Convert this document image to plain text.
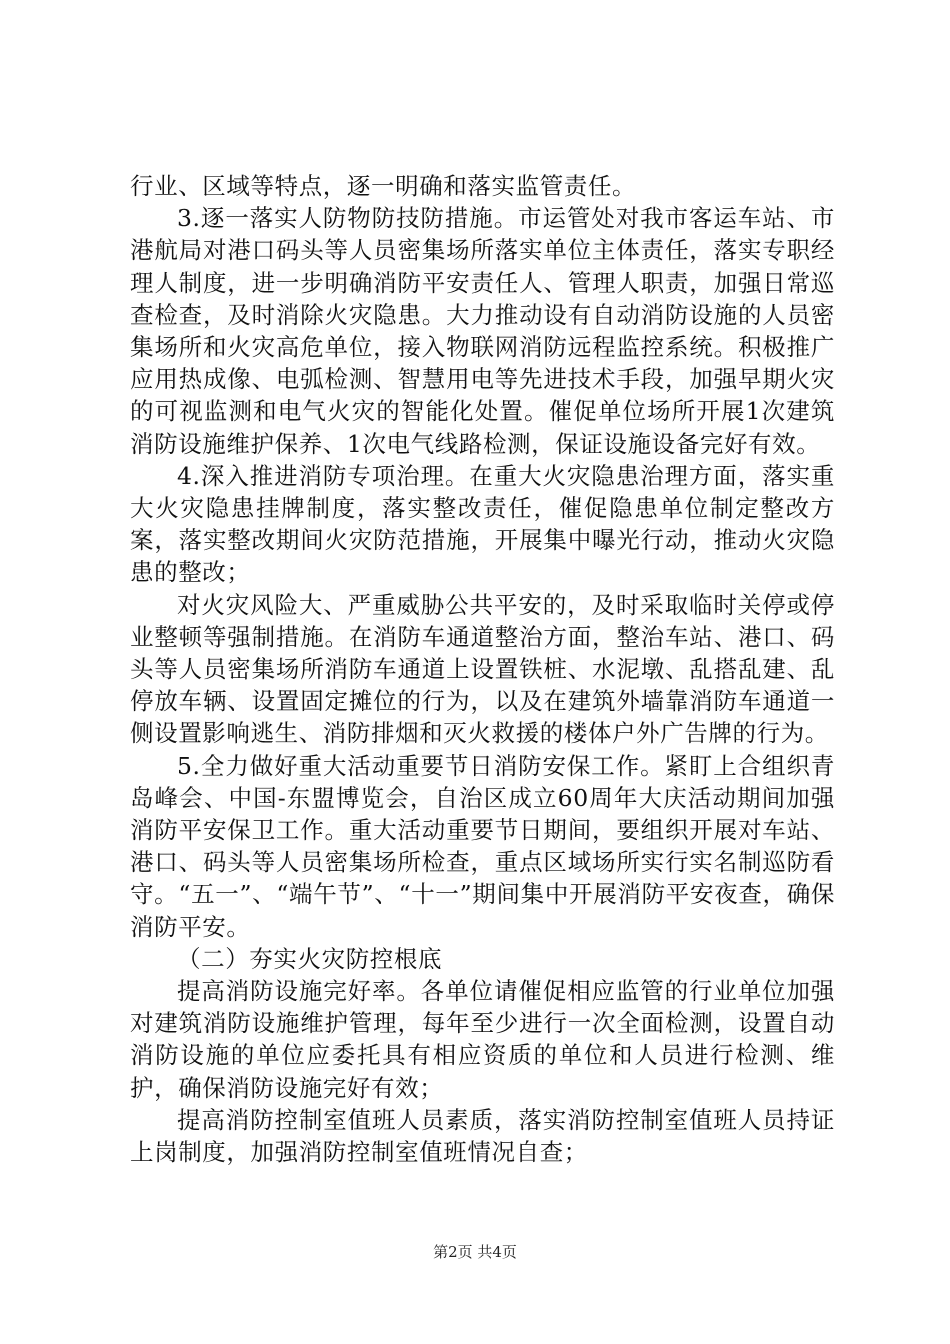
行业、区域等特点，逐一明确和落实监管责任。

3.逐一落实人防物防技防措施。市运管处对我市客运车站、市港航局对港口码头等人员密集场所落实单位主体责任，落实专职经理人制度，进一步明确消防平安责任人、管理人职责，加强日常巡查检查，及时消除火灾隐患。大力推动设有自动消防设施的人员密集场所和火灾高危单位，接入物联网消防远程监控系统。积极推广应用热成像、电弧检测、智慧用电等先进技术手段，加强早期火灾的可视监测和电气火灾的智能化处置。催促单位场所开展1次建筑消防设施维护保养、1次电气线路检测，保证设施设备完好有效。

4.深入推进消防专项治理。在重大火灾隐患治理方面，落实重大火灾隐患挂牌制度，落实整改责任，催促隐患单位制定整改方案，落实整改期间火灾防范措施，开展集中曝光行动，推动火灾隐患的整改；

对火灾风险大、严重威胁公共平安的，及时采取临时关停或停业整顿等强制措施。在消防车通道整治方面，整治车站、港口、码头等人员密集场所消防车通道上设置铁桩、水泥墩、乱搭乱建、乱停放车辆、设置固定摊位的行为，以及在建筑外墙靠消防车通道一侧设置影响逃生、消防排烟和灭火救援的楼体户外广告牌的行为。

5.全力做好重大活动重要节日消防安保工作。紧盯上合组织青岛峰会、中国-东盟博览会，自治区成立60周年大庆活动期间加强消防平安保卫工作。重大活动重要节日期间，要组织开展对车站、港口、码头等人员密集场所检查，重点区域场所实行实名制巡防看守。“五一”、“端午节”、“十一”期间集中开展消防平安夜查，确保消防平安。

（二）夯实火灾防控根底

提高消防设施完好率。各单位请催促相应监管的行业单位加强对建筑消防设施维护管理，每年至少进行一次全面检测，设置自动消防设施的单位应委托具有相应资质的单位和人员进行检测、维护，确保消防设施完好有效；

提高消防控制室值班人员素质，落实消防控制室值班人员持证上岗制度，加强消防控制室值班情况自查；

第2页 共4页
